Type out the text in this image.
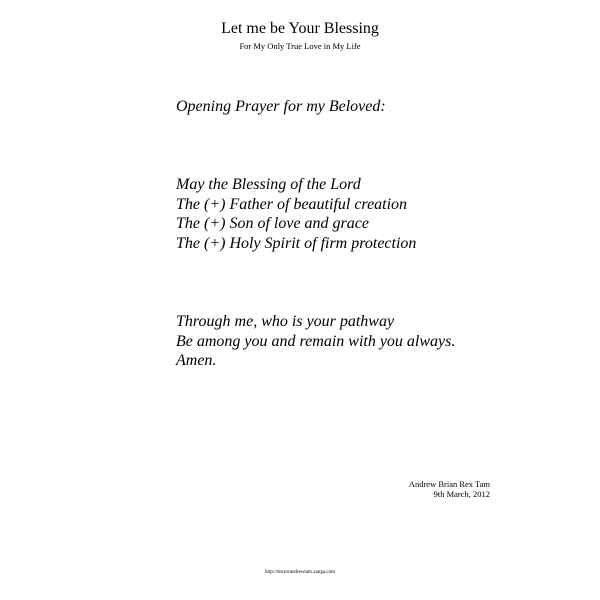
Let me be Your Blessing
For My Only True Love in My Life
Opening Prayer for my Beloved:
May the Blessing of the Lord
The (+) Father of beautiful creation
The (+) Son of love and grace
The (+) Holy Spirit of firm protection
Through me, who is your pathway
Be among you and remain with you always.
Amen.
Andrew Brian Rex Tam
9th March, 2012
http://doctorandrewtam.xanga.com
